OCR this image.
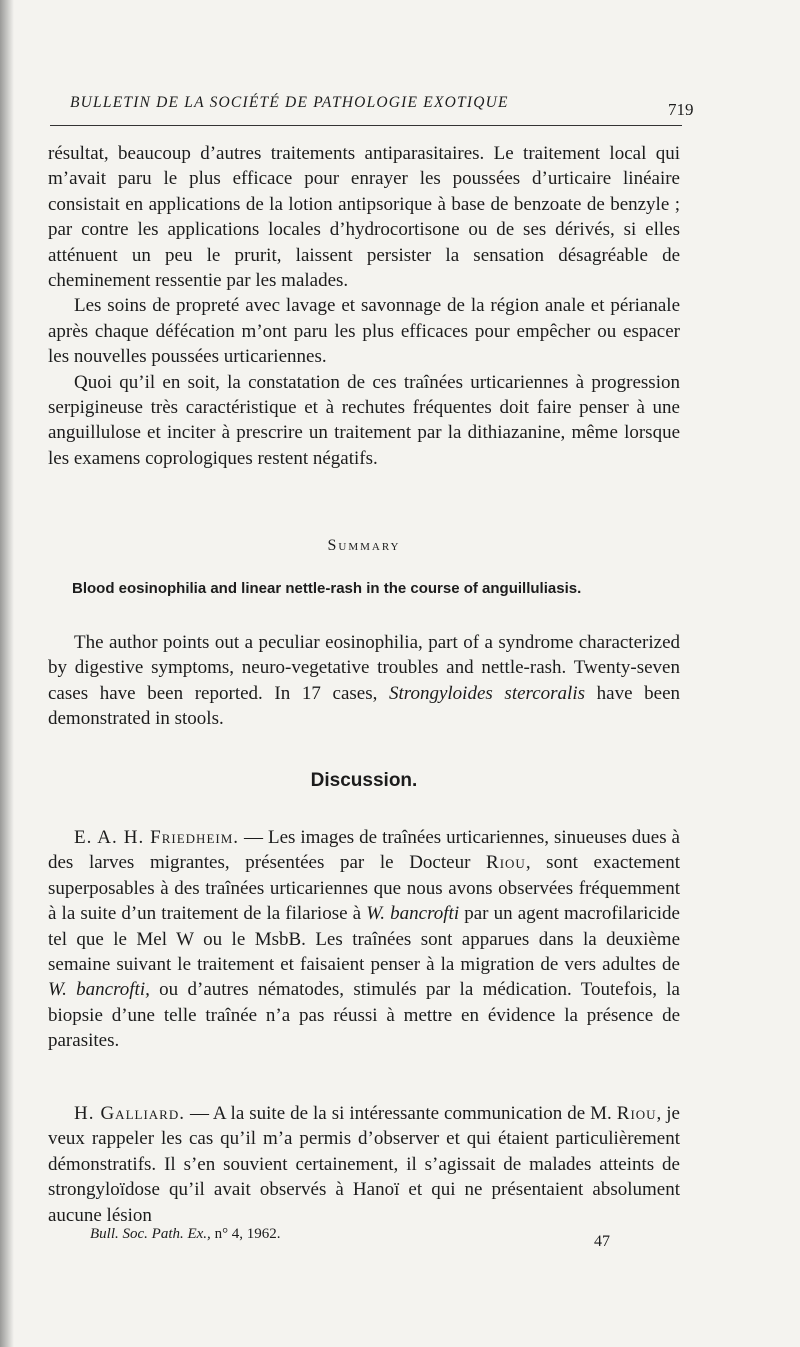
BULLETIN DE LA SOCIÉTÉ DE PATHOLOGIE EXOTIQUE	719

résultat, beaucoup d’autres traitements antiparasitaires. Le traitement local qui m’avait paru le plus efficace pour enrayer les poussées d’urticaire linéaire consistait en applications de la lotion antipsorique à base de benzoate de benzyle ; par contre les applications locales d’hydrocortisone ou de ses dérivés, si elles atténuent un peu le prurit, laissent persister la sensation désagréable de cheminement ressentie par les malades.

Les soins de propreté avec lavage et savonnage de la région anale et périanale après chaque défécation m’ont paru les plus efficaces pour empêcher ou espacer les nouvelles poussées urticariennes.

Quoi qu’il en soit, la constatation de ces traînées urticariennes à progression serpigineuse très caractéristique et à rechutes fréquentes doit faire penser à une anguillulose et inciter à prescrire un traitement par la dithiazanine, même lorsque les examens coprologiques restent négatifs.

Summary
Blood eosinophilia and linear nettle-rash in the course of anguilluliasis.

The author points out a peculiar eosinophilia, part of a syndrome characterized by digestive symptoms, neuro-vegetative troubles and nettle-rash. Twenty-seven cases have been reported. In 17 cases, Strongyloides stercoralis have been demonstrated in stools.

Discussion.

E. A. H. Friedheim. — Les images de traînées urticariennes, sinueuses dues à des larves migrantes, présentées par le Docteur Riou, sont exactement superposables à des traînées urticariennes que nous avons observées fréquemment à la suite d’un traitement de la filariose à W. bancrofti par un agent macrofilaricide tel que le Mel W ou le MsbB. Les traînées sont apparues dans la deuxième semaine suivant le traitement et faisaient penser à la migration de vers adultes de W. bancrofti, ou d’autres nématodes, stimulés par la médication. Toutefois, la biopsie d’une telle traînée n’a pas réussi à mettre en évidence la présence de parasites.

H. Galliard. — A la suite de la si intéressante communication de M. Riou, je veux rappeler les cas qu’il m’a permis d’observer et qui étaient particulièrement démonstratifs. Il s’en souvient certainement, il s’agissait de malades atteints de strongyloïdose qu’il avait observés à Hanoï et qui ne présentaient absolument aucune lésion

Bull. Soc. Path. Ex., n° 4, 1962.	47
